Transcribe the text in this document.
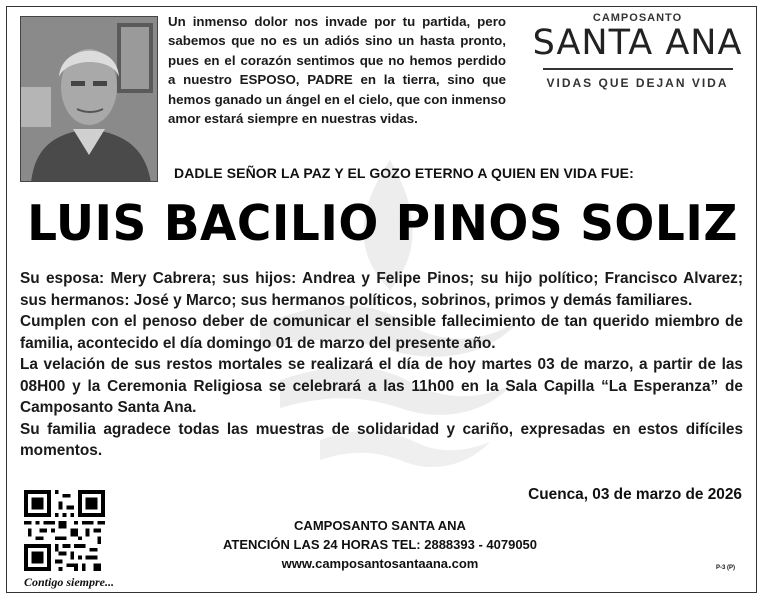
Un inmenso dolor nos invade por tu partida, pero sabemos que no es un adiós sino un hasta pronto, pues en el corazón sentimos que no hemos perdido a nuestro ESPOSO, PADRE en la tierra, sino que hemos ganado un ángel en el cielo, que con inmenso amor estará siempre en nuestras vidas.
CAMPOSANTO
SANTA ANA
VIDAS QUE DEJAN VIDA
DADLE SEÑOR LA PAZ Y EL GOZO ETERNO A QUIEN EN VIDA FUE:
LUIS BACILIO PINOS SOLIZ

Su esposa: Mery Cabrera; sus hijos: Andrea y Felipe Pinos; su hijo político; Francisco Alvarez; sus hermanos: José y Marco; sus hermanos políticos, sobrinos, primos y demás familiares.

Cumplen con el penoso deber de comunicar el sensible fallecimiento de tan querido miembro de familia, acontecido el día domingo 01 de marzo del presente año.

La velación de sus restos mortales se realizará el día de hoy martes 03 de marzo, a partir de las 08H00 y la Ceremonia Religiosa se celebrará a las 11h00 en la Sala Capilla “La Esperanza” de Camposanto Santa Ana.

Su familia agradece todas las muestras de solidaridad y cariño, expresadas en estos difíciles momentos.

Contigo siempre...
Cuenca, 03 de marzo de 2026
CAMPOSANTO SANTA ANA
ATENCIÓN LAS 24 HORAS TEL: 2888393 - 4079050
www.camposantosantaana.com	P-3 (P)
